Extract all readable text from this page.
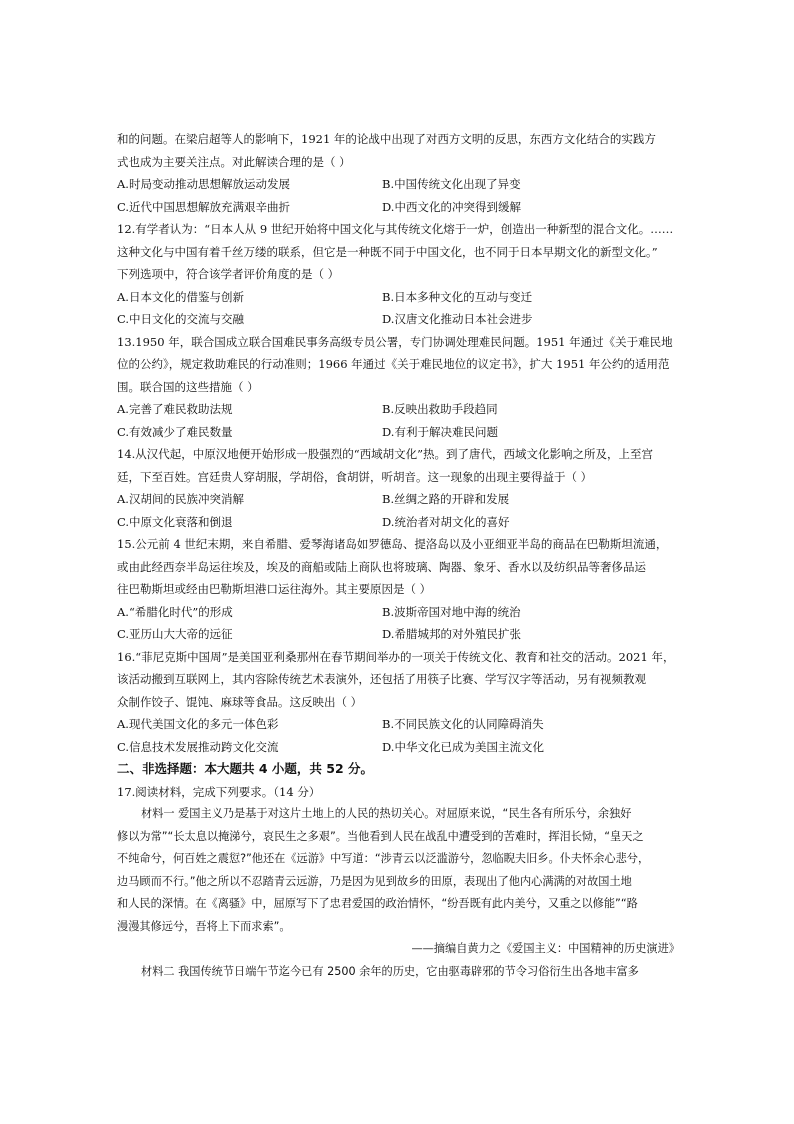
和的问题。在梁启超等人的影响下，1921 年的论战中出现了对西方文明的反思，东西方文化结合的实践方
式也成为主要关注点。对此解读合理的是（ ）
A.时局变动推动思想解放运动发展	B.中国传统文化出现了异变
C.近代中国思想解放充满艰辛曲折	D.中西文化的冲突得到缓解
12.有学者认为：“日本人从 9 世纪开始将中国文化与其传统文化熔于一炉，创造出一种新型的混合文化。……
这种文化与中国有着千丝万缕的联系，但它是一种既不同于中国文化，也不同于日本早期文化的新型文化。”
下列选项中，符合该学者评价角度的是（ ）
A.日本文化的借鉴与创新	B.日本多种文化的互动与变迁
C.中日文化的交流与交融	D.汉唐文化推动日本社会进步
13.1950 年，联合国成立联合国难民事务高级专员公署，专门协调处理难民问题。1951 年通过《关于难民地
位的公约》，规定救助难民的行动准则；1966 年通过《关于难民地位的议定书》，扩大 1951 年公约的适用范
围。联合国的这些措施（ ）
A.完善了难民救助法规	B.反映出救助手段趋同
C.有效减少了难民数量	D.有利于解决难民问题
14.从汉代起，中原汉地便开始形成一股强烈的“西域胡文化”热。到了唐代，西域文化影响之所及，上至宫
廷，下至百姓。宫廷贵人穿胡服，学胡俗，食胡饼，听胡音。这一现象的出现主要得益于（ ）
A.汉胡间的民族冲突消解	B.丝绸之路的开辟和发展
C.中原文化衰落和倒退	D.统治者对胡文化的喜好
15.公元前 4 世纪末期，来自希腊、爱琴海诸岛如罗德岛、提洛岛以及小亚细亚半岛的商品在巴勒斯坦流通，
或由此经西奈半岛运往埃及，埃及的商船或陆上商队也将玻璃、陶器、象牙、香水以及纺织品等奢侈品运
往巴勒斯坦或经由巴勒斯坦港口运往海外。其主要原因是（ ）
A.“希腊化时代”的形成	B.波斯帝国对地中海的统治
C.亚历山大大帝的远征	D.希腊城邦的对外殖民扩张
16.“菲尼克斯中国周”是美国亚利桑那州在春节期间举办的一项关于传统文化、教育和社交的活动。2021 年，
该活动搬到互联网上，其内容除传统艺术表演外，还包括了用筷子比赛、学写汉字等活动，另有视频教观
众制作饺子、馄饨、麻球等食品。这反映出（ ）
A.现代美国文化的多元一体色彩	B.不同民族文化的认同障碍消失
C.信息技术发展推动跨文化交流	D.中华文化已成为美国主流文化
二、非选择题：本大题共 4 小题，共 52 分。
17.阅读材料，完成下列要求。（14 分）
材料一 爱国主义乃是基于对这片土地上的人民的热切关心。对屈原来说，“民生各有所乐兮，余独好
修以为常”“长太息以掩涕兮，哀民生之多艰”。当他看到人民在战乱中遭受到的苦难时，挥泪长恸，“皇天之
不纯命兮，何百姓之震愆?”他还在《远游》中写道：“涉青云以泛滥游兮，忽临睨夫旧乡。仆夫怀余心悲兮，
边马顾而不行。”他之所以不忍踏青云远游，乃是因为见到故乡的田原，表现出了他内心满满的对故国土地
和人民的深情。在《离骚》中，屈原写下了忠君爱国的政治情怀，“纷吾既有此内美兮，又重之以修能”“路
漫漫其修远兮，吾将上下而求索”。
——摘编自黄力之《爱国主义：中国精神的历史演进》
材料二 我国传统节日端午节迄今已有 2500 余年的历史，它由驱毒辟邪的节令习俗衍生出各地丰富多
